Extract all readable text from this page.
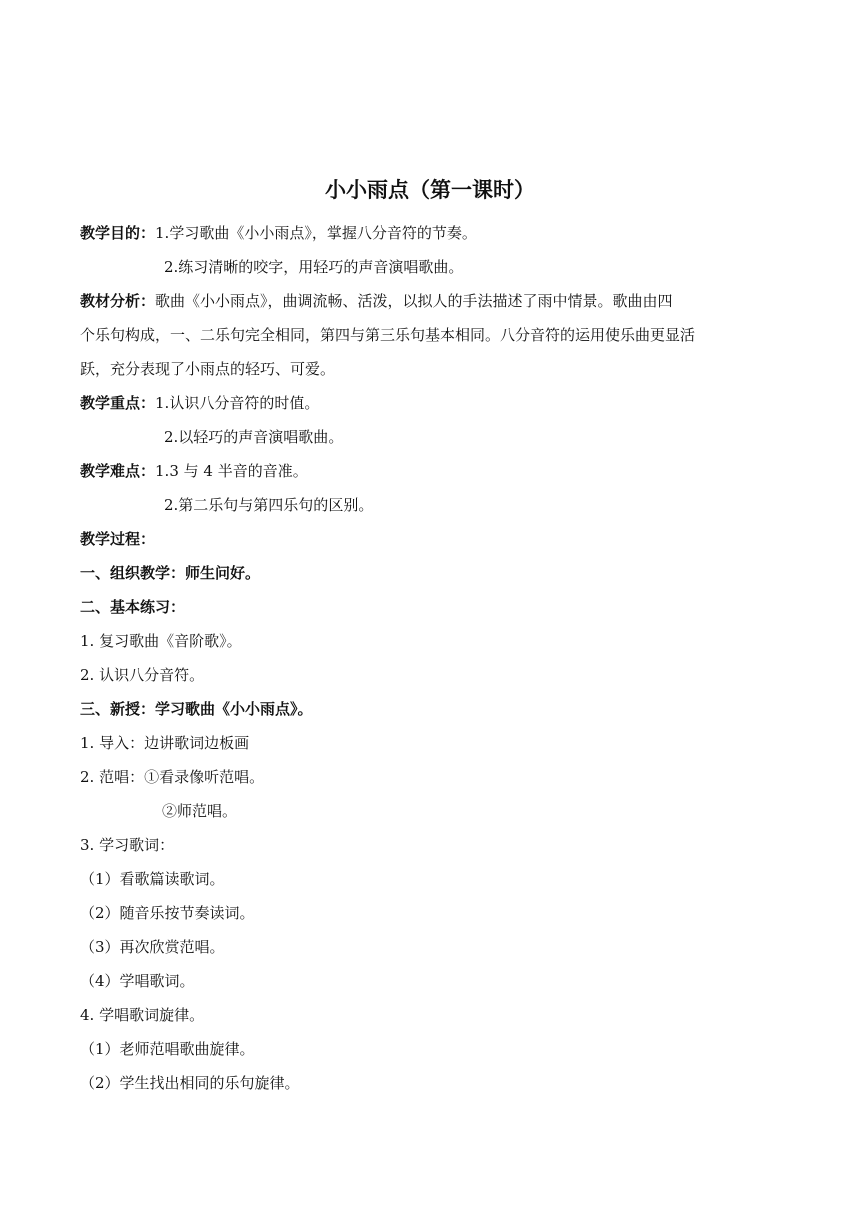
小小雨点（第一课时）
教学目的：1.学习歌曲《小小雨点》，掌握八分音符的节奏。
2.练习清晰的咬字，用轻巧的声音演唱歌曲。
教材分析：歌曲《小小雨点》，曲调流畅、活泼，以拟人的手法描述了雨中情景。歌曲由四
个乐句构成，一、二乐句完全相同，第四与第三乐句基本相同。八分音符的运用使乐曲更显活
跃，充分表现了小雨点的轻巧、可爱。
教学重点：1.认识八分音符的时值。
2.以轻巧的声音演唱歌曲。
教学难点：1.3 与 4 半音的音准。
2.第二乐句与第四乐句的区别。
教学过程：
一、组织教学：师生问好。
二、基本练习：
1. 复习歌曲《音阶歌》。
2. 认识八分音符。
三、新授：学习歌曲《小小雨点》。
1. 导入：边讲歌词边板画
2. 范唱：①看录像听范唱。
②师范唱。
3. 学习歌词：
（1）看歌篇读歌词。
（2）随音乐按节奏读词。
（3）再次欣赏范唱。
（4）学唱歌词。
4. 学唱歌词旋律。
（1）老师范唱歌曲旋律。
（2）学生找出相同的乐句旋律。
